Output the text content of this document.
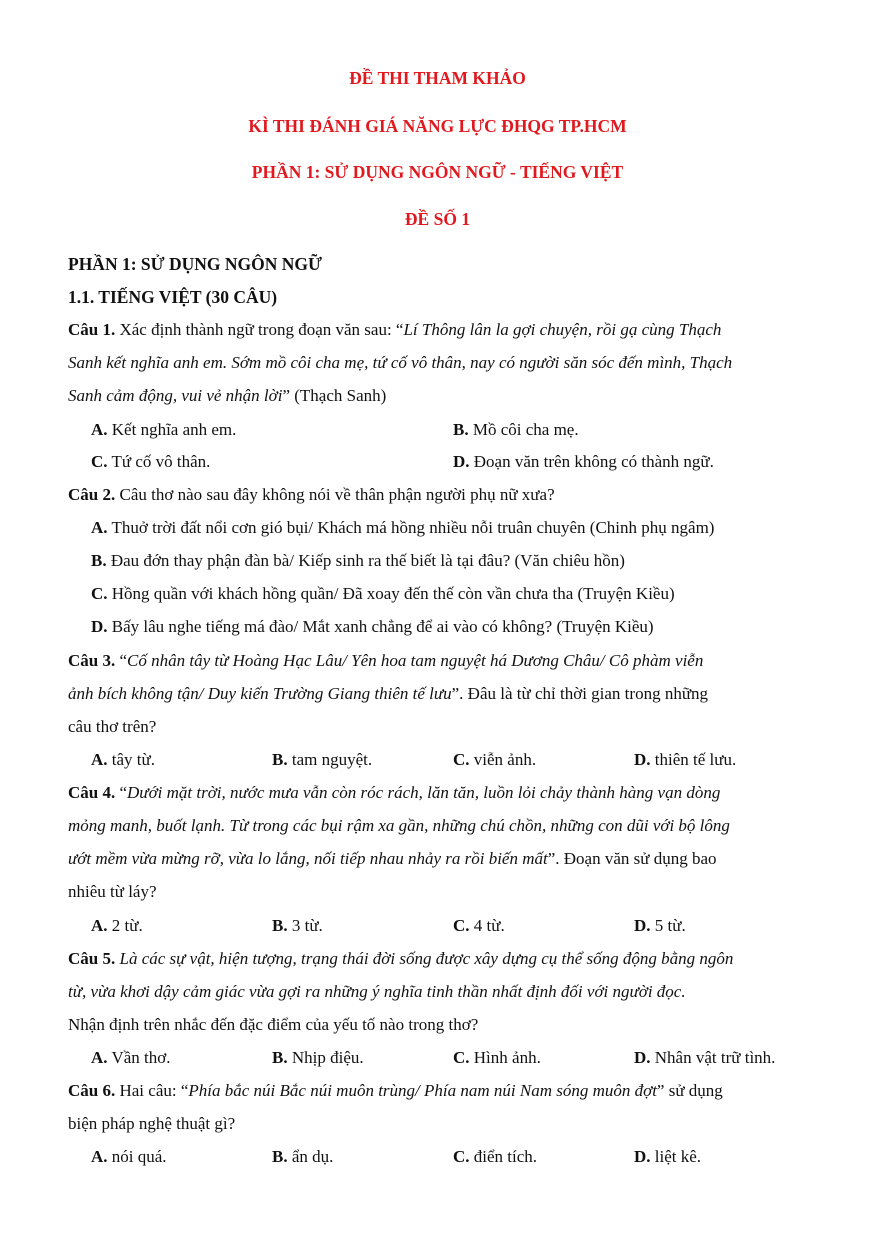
ĐỀ THI THAM KHẢO
KÌ THI ĐÁNH GIÁ NĂNG LỰC ĐHQG TP.HCM
PHẦN 1: SỬ DỤNG NGÔN NGỮ - TIẾNG VIỆT
ĐỀ SỐ 1
PHẦN 1: SỬ DỤNG NGÔN NGỮ
1.1. TIẾNG VIỆT (30 CÂU)
Câu 1. Xác định thành ngữ trong đoạn văn sau: “Lí Thông lân la gợi chuyện, rồi gạ cùng Thạch
Sanh kết nghĩa anh em. Sớm mồ côi cha mẹ, tứ cố vô thân, nay có người săn sóc đến mình, Thạch
Sanh cảm động, vui vẻ nhận lời” (Thạch Sanh)
A. Kết nghĩa anh em.	B. Mồ côi cha mẹ.
C. Tứ cố vô thân.	D. Đoạn văn trên không có thành ngữ.
Câu 2. Câu thơ nào sau đây không nói về thân phận người phụ nữ xưa?
A. Thuở trời đất nổi cơn gió bụi/ Khách má hồng nhiều nỗi truân chuyên (Chinh phụ ngâm)
B. Đau đớn thay phận đàn bà/ Kiếp sinh ra thế biết là tại đâu? (Văn chiêu hồn)
C. Hồng quần với khách hồng quần/ Đã xoay đến thế còn vần chưa tha (Truyện Kiều)
D. Bấy lâu nghe tiếng má đào/ Mắt xanh chẳng để ai vào có không? (Truyện Kiều)
Câu 3. “Cố nhân tây từ Hoàng Hạc Lâu/ Yên hoa tam nguyệt há Dương Châu/ Cô phàm viễn
ảnh bích không tận/ Duy kiến Trường Giang thiên tế lưu”. Đâu là từ chỉ thời gian trong những
câu thơ trên?
A. tây từ.	B. tam nguyệt.	C. viễn ảnh.	D. thiên tế lưu.
Câu 4. “Dưới mặt trời, nước mưa vẫn còn róc rách, lăn tăn, luồn lỏi chảy thành hàng vạn dòng
mỏng manh, buốt lạnh. Từ trong các bụi rậm xa gần, những chú chồn, những con dũi với bộ lông
ướt mềm vừa mừng rỡ, vừa lo lắng, nối tiếp nhau nhảy ra rồi biến mất”. Đoạn văn sử dụng bao
nhiêu từ láy?
A. 2 từ.	B. 3 từ.	C. 4 từ.	D. 5 từ.
Câu 5. Là các sự vật, hiện tượng, trạng thái đời sống được xây dựng cụ thể sống động bằng ngôn
từ, vừa khơi dậy cảm giác vừa gợi ra những ý nghĩa tinh thần nhất định đối với người đọc.
Nhận định trên nhắc đến đặc điểm của yếu tố nào trong thơ?
A. Vần thơ.	B. Nhịp điệu.	C. Hình ảnh.	D. Nhân vật trữ tình.
Câu 6. Hai câu: “Phía bắc núi Bắc núi muôn trùng/ Phía nam núi Nam sóng muôn đợt” sử dụng
biện pháp nghệ thuật gì?
A. nói quá.	B. ẩn dụ.	C. điển tích.	D. liệt kê.
